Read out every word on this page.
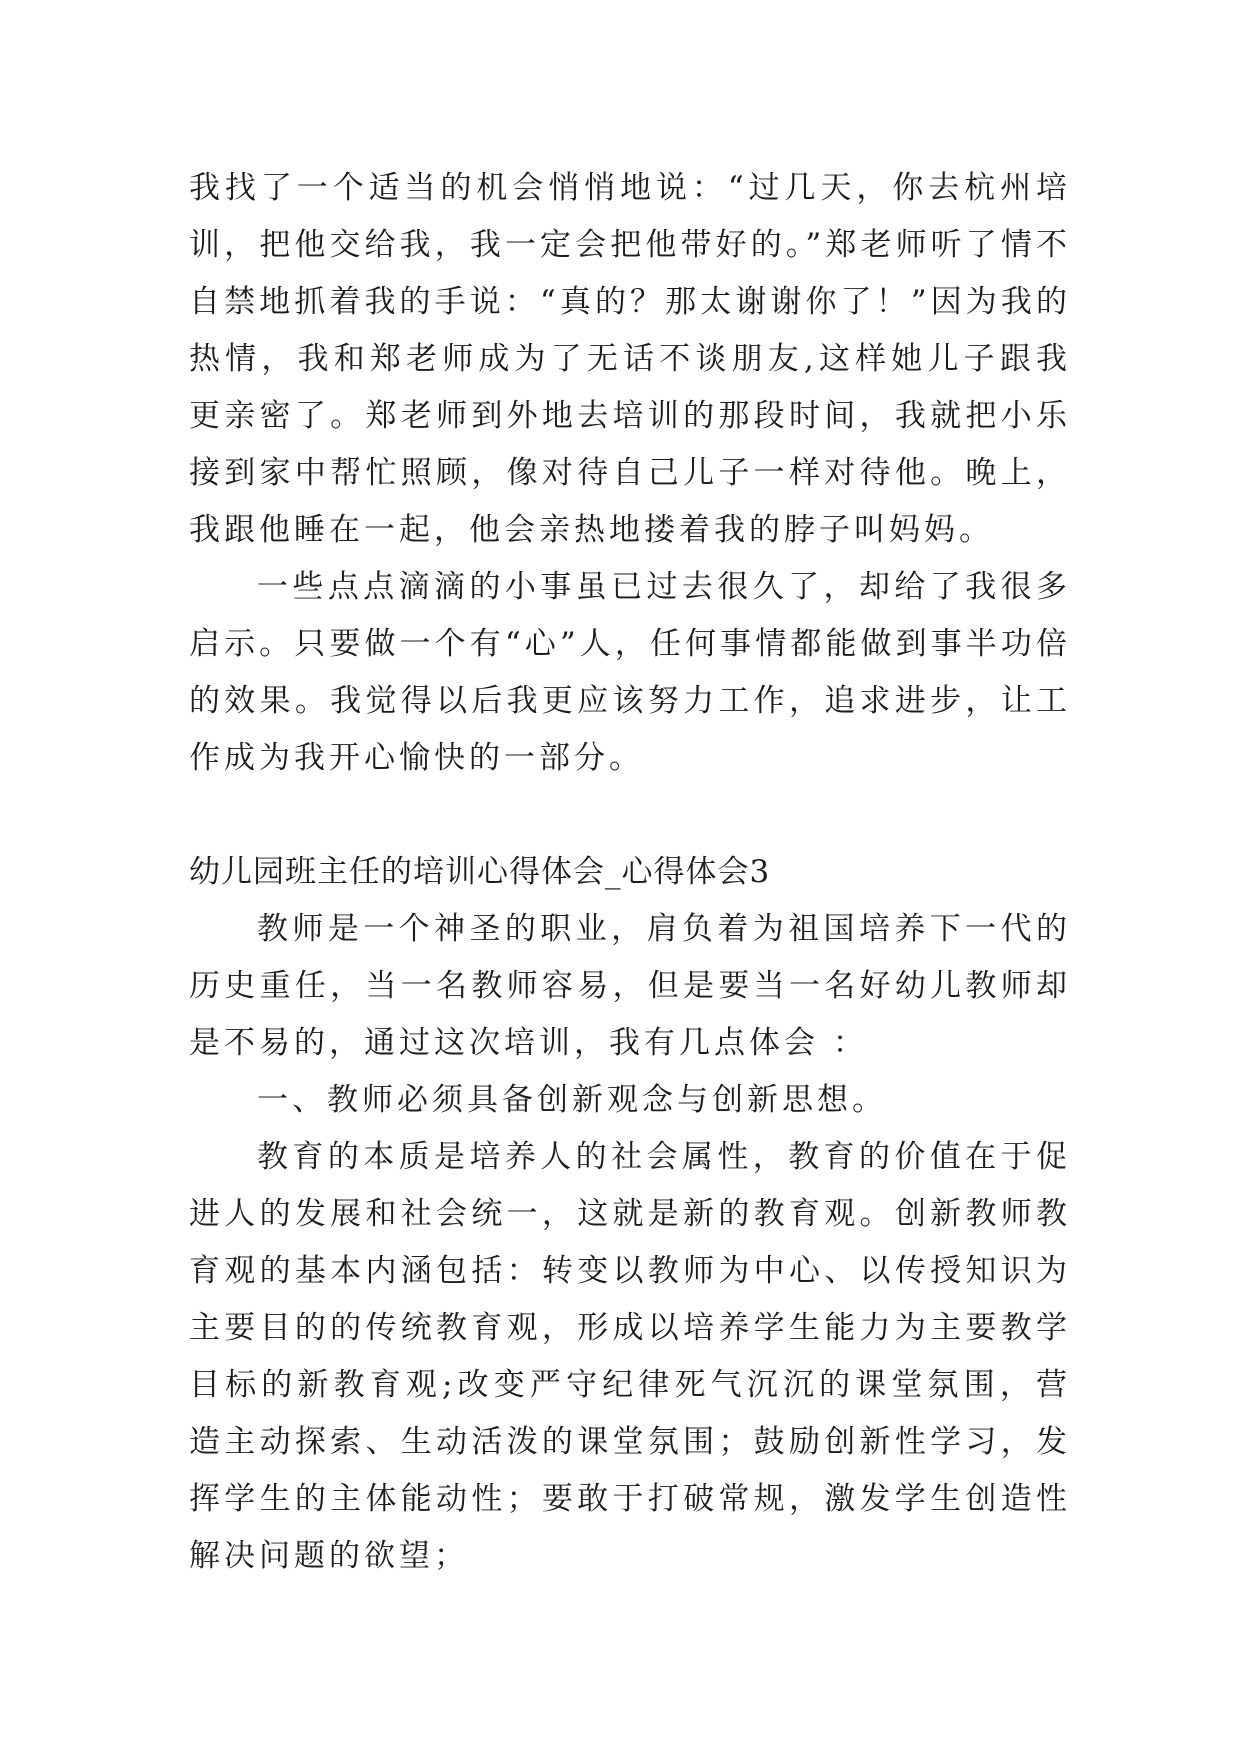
我找了一个适当的机会悄悄地说：“过几天，你去杭州培训，把他交给我，我一定会把他带好的。”郑老师听了情不自禁地抓着我的手说：“真的？那太谢谢你了！”因为我的热情，我和郑老师成为了无话不谈朋友,这样她儿子跟我更亲密了。郑老师到外地去培训的那段时间，我就把小乐接到家中帮忙照顾，像对待自己儿子一样对待他。晚上，我跟他睡在一起，他会亲热地搂着我的脖子叫妈妈。

一些点点滴滴的小事虽已过去很久了，却给了我很多启示。只要做一个有“心”人，任何事情都能做到事半功倍的效果。我觉得以后我更应该努力工作，追求进步，让工作成为我开心愉快的一部分。

幼儿园班主任的培训心得体会_心得体会3

教师是一个神圣的职业，肩负着为祖国培养下一代的历史重任，当一名教师容易，但是要当一名好幼儿教师却是不易的，通过这次培训，我有几点体会 ：

一、教师必须具备创新观念与创新思想。

教育的本质是培养人的社会属性，教育的价值在于促进人的发展和社会统一，这就是新的教育观。创新教师教育观的基本内涵包括：转变以教师为中心、以传授知识为主要目的的传统教育观，形成以培养学生能力为主要教学目标的新教育观;改变严守纪律死气沉沉的课堂氛围，营造主动探索、生动活泼的课堂氛围；鼓励创新性学习，发挥学生的主体能动性；要敢于打破常规，激发学生创造性解决问题的欲望；
